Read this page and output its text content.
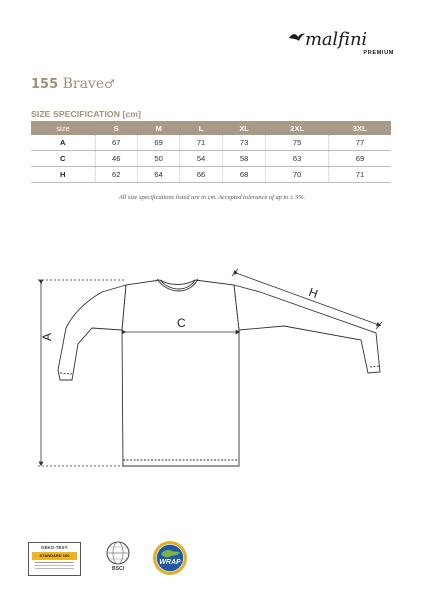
malfini
PREMIUM
155 Brave♂
SIZE SPECIFICATION [cm]
size	S	M	L	XL	2XL	3XL
A	67	69	71	73	75	77
C	46	50	54	58	63	69
H	62	64	66	68	70	71
All size specifications listed are in cm. Accepted tolerance of up to ± 5%.
A
C
H
OEKO-TEX®
STANDARD 100
BSCI
WRAP
